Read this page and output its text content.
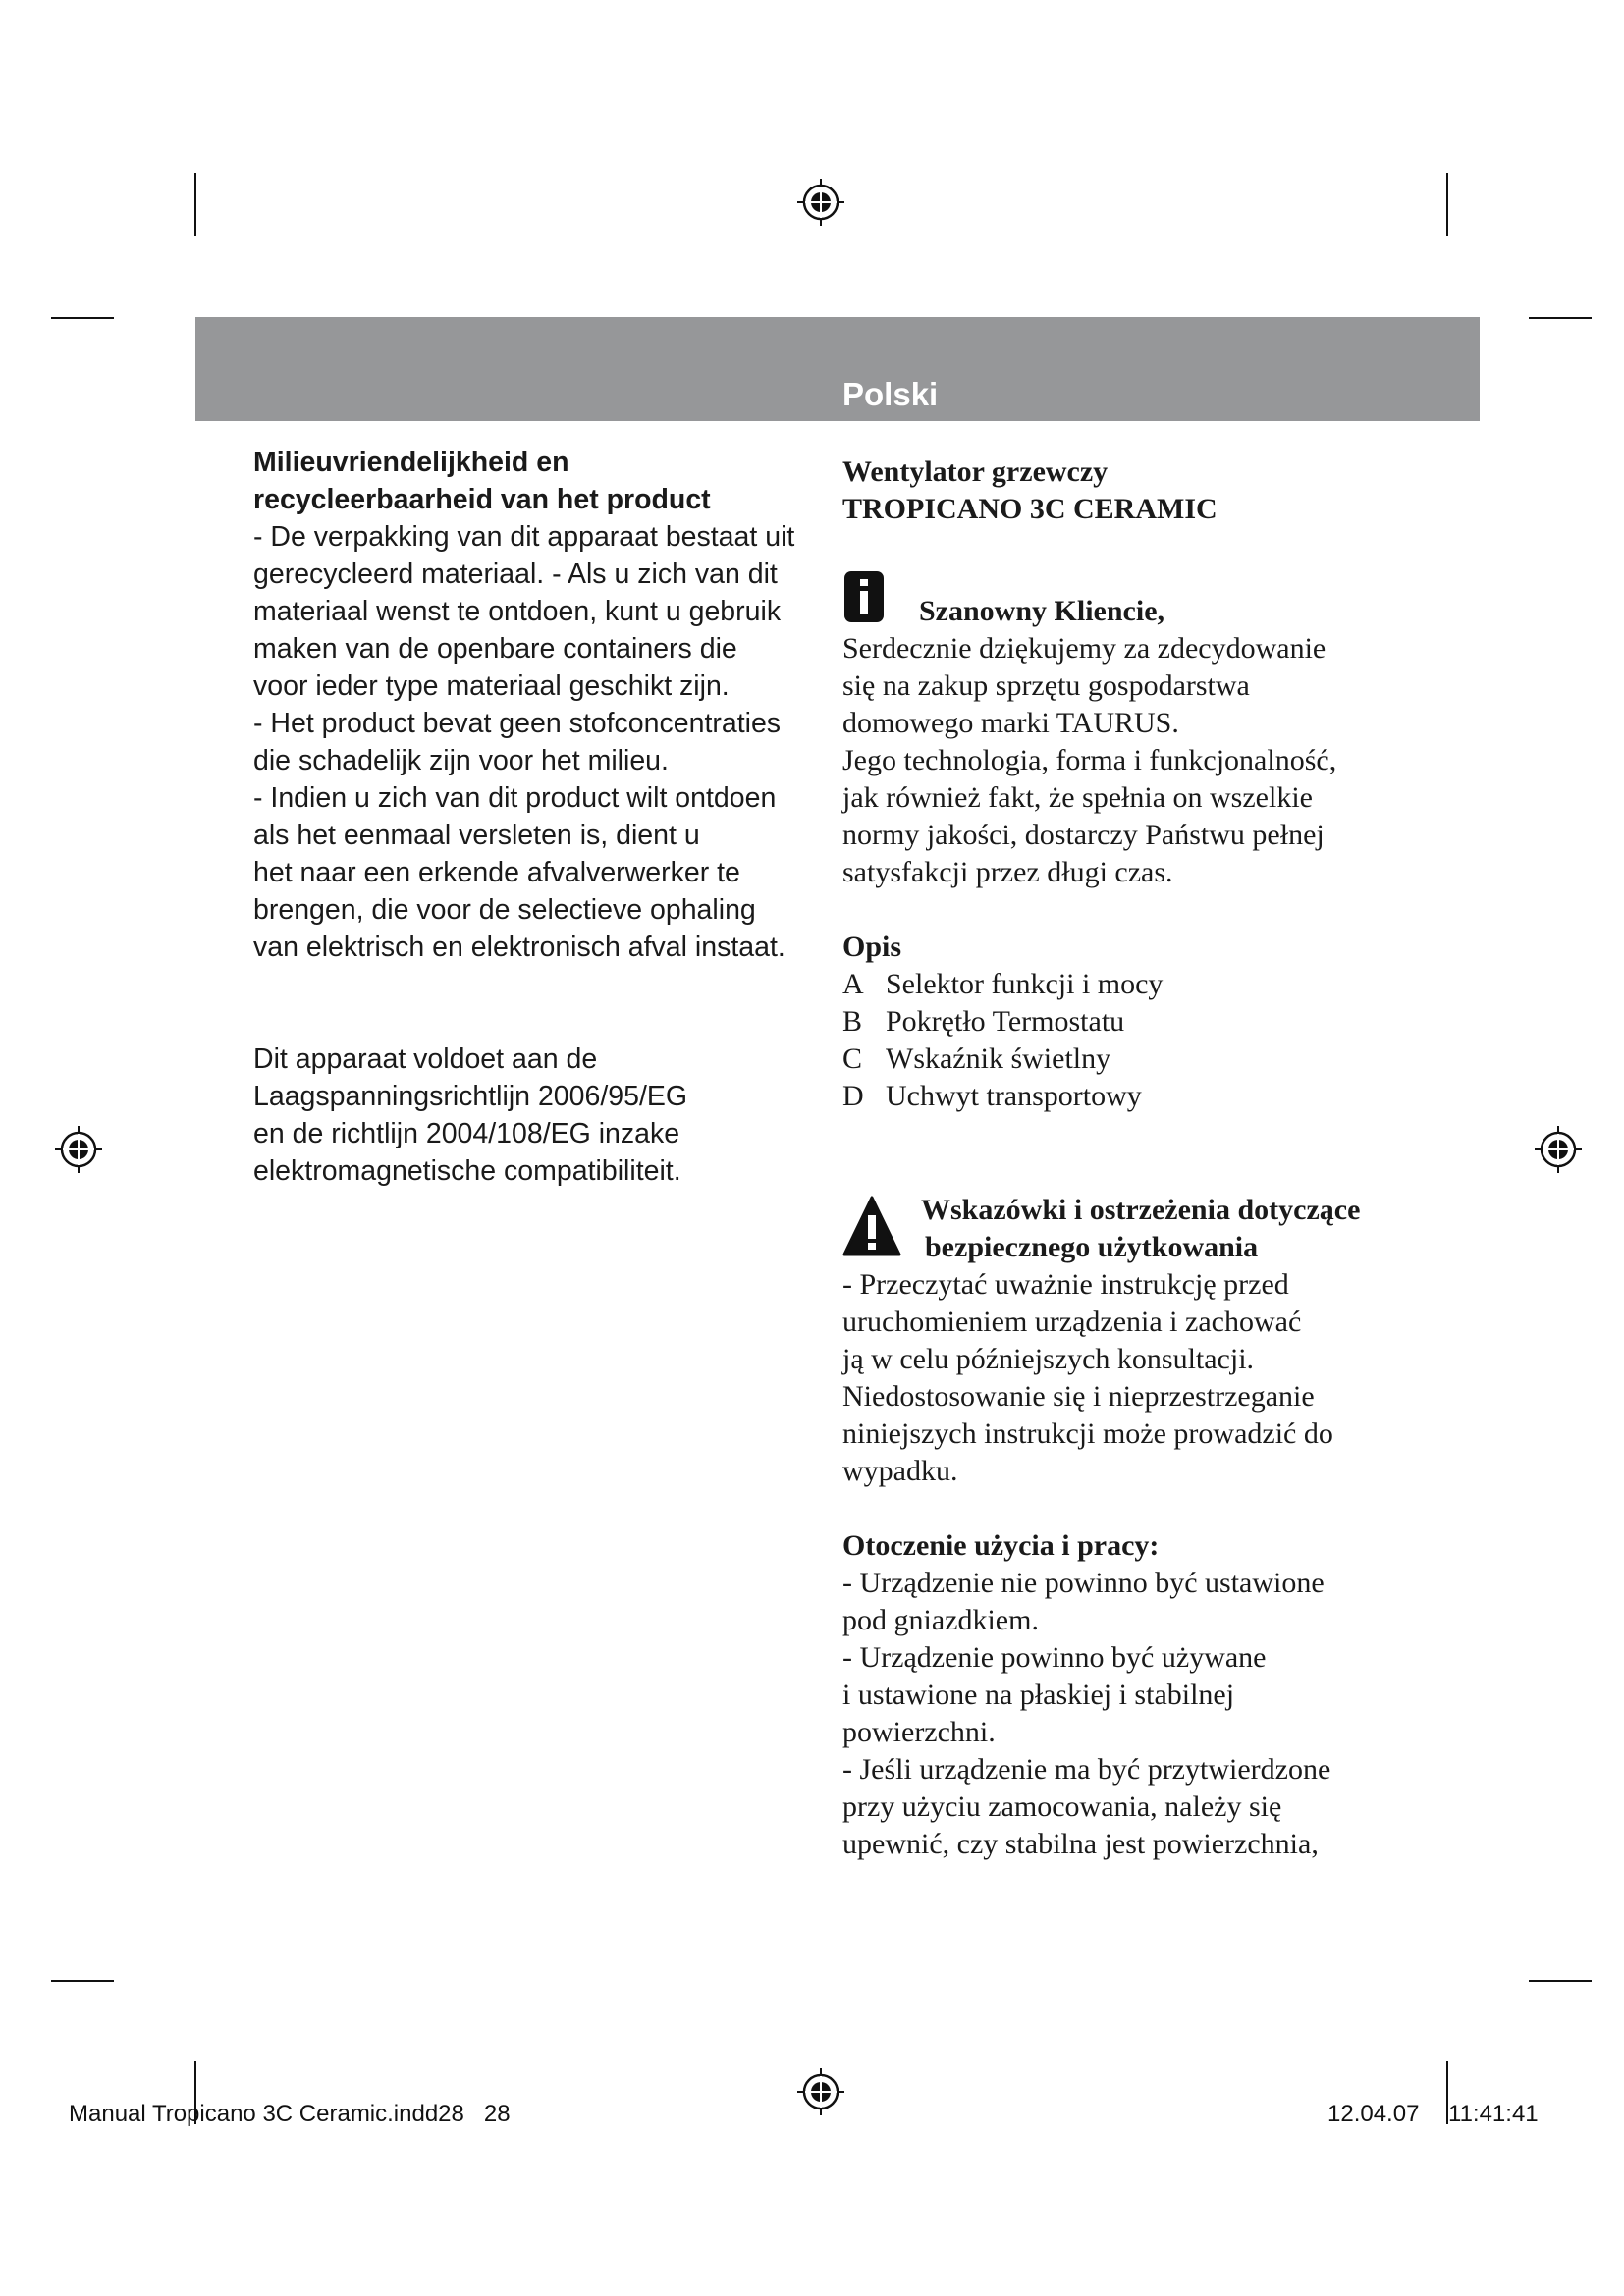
Polski

Milieuvriendelijkheid en

recycleerbaarheid van het product

- De verpakking van dit apparaat bestaat uit

gerecycleerd materiaal. - Als u zich van dit

materiaal wenst te ontdoen, kunt u gebruik

maken van de openbare containers die

voor ieder type materiaal geschikt zijn.

- Het product bevat geen stofconcentraties

die schadelijk zijn voor het milieu.

- Indien u zich van dit product wilt ontdoen

als het eenmaal versleten is, dient u

het naar een erkende afvalverwerker te

brengen, die voor de selectieve ophaling

van elektrisch en elektronisch afval instaat.

Dit apparaat voldoet aan de

Laagspanningsrichtlijn 2006/95/EG

en de richtlijn 2004/108/EG inzake

elektromagnetische compatibiliteit.

Wentylator grzewczy

TROPICANO 3C CERAMIC

Szanowny Kliencie,

Serdecznie dziękujemy za zdecydowanie

się na zakup sprzętu gospodarstwa

domowego marki TAURUS.

Jego technologia, forma i funkcjonalność,

jak również fakt, że spełnia on wszelkie

normy jakości, dostarczy Państwu pełnej

satysfakcji przez długi czas.

Opis

A Selektor funkcji i mocy
B Pokrętło Termostatu
C Wskaźnik świetlny
D Uchwyt transportowy

Wskazówki i ostrzeżenia dotyczące

bezpiecznego użytkowania

- Przeczytać uważnie instrukcję przed

uruchomieniem urządzenia i zachować

ją w celu późniejszych konsultacji.

Niedostosowanie się i nieprzestrzeganie

niniejszych instrukcji może prowadzić do

wypadku.

Otoczenie użycia i pracy:

- Urządzenie nie powinno być ustawione

pod gniazdkiem.

- Urządzenie powinno być używane

i ustawione na płaskiej i stabilnej

powierzchni.

- Jeśli urządzenie ma być przytwierdzone

przy użyciu zamocowania, należy się

upewnić, czy stabilna jest powierzchnia,

Manual Tropicano 3C Ceramic.indd28   28	12.04.07 11:41:41
